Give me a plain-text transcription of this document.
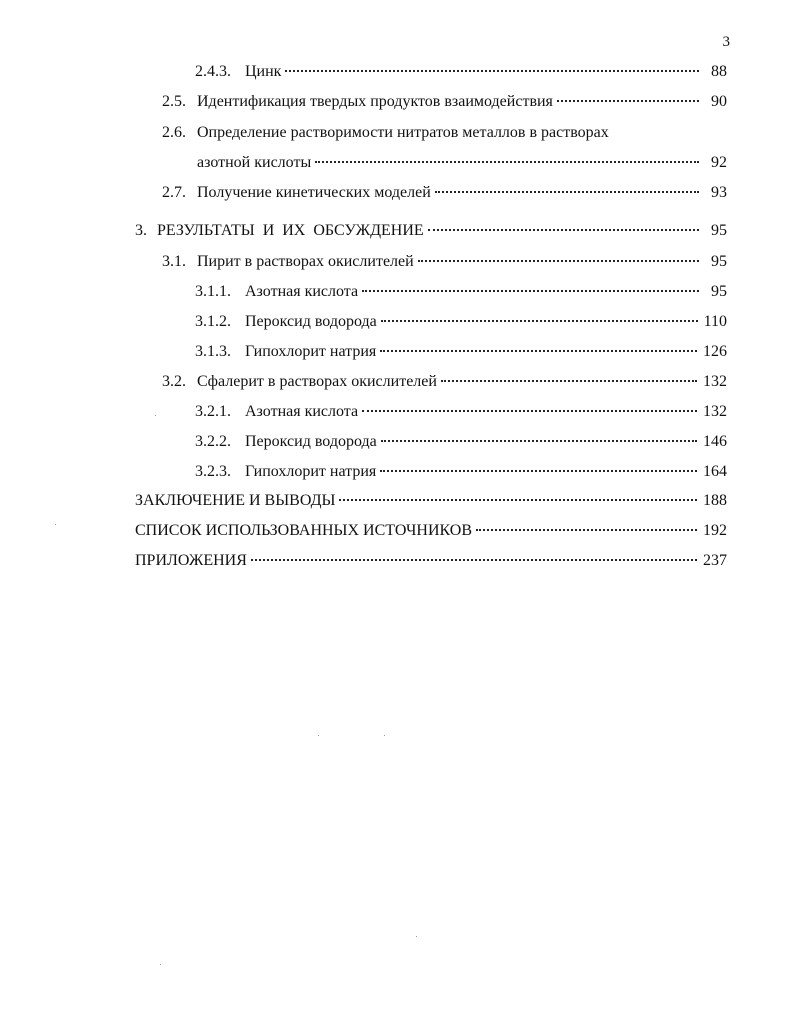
3
2.4.3. Цинк	88
2.5. Идентификация твердых продуктов взаимодействия	90
2.6. Определение растворимости нитратов металлов в растворах
азотной кислоты	92
2.7. Получение кинетических моделей	93
3. РЕЗУЛЬТАТЫ  И  ИХ  ОБСУЖДЕНИЕ	95
3.1. Пирит в растворах окислителей	95
3.1.1. Азотная кислота	95
3.1.2. Пероксид водорода	110
3.1.3. Гипохлорит натрия	126
3.2. Сфалерит в растворах окислителей	132
3.2.1. Азотная кислота	132
3.2.2. Пероксид водорода	146
3.2.3. Гипохлорит натрия	164
ЗАКЛЮЧЕНИЕ И ВЫВОДЫ	188
СПИСОК ИСПОЛЬЗОВАННЫХ ИСТОЧНИКОВ	192
ПРИЛОЖЕНИЯ	237
